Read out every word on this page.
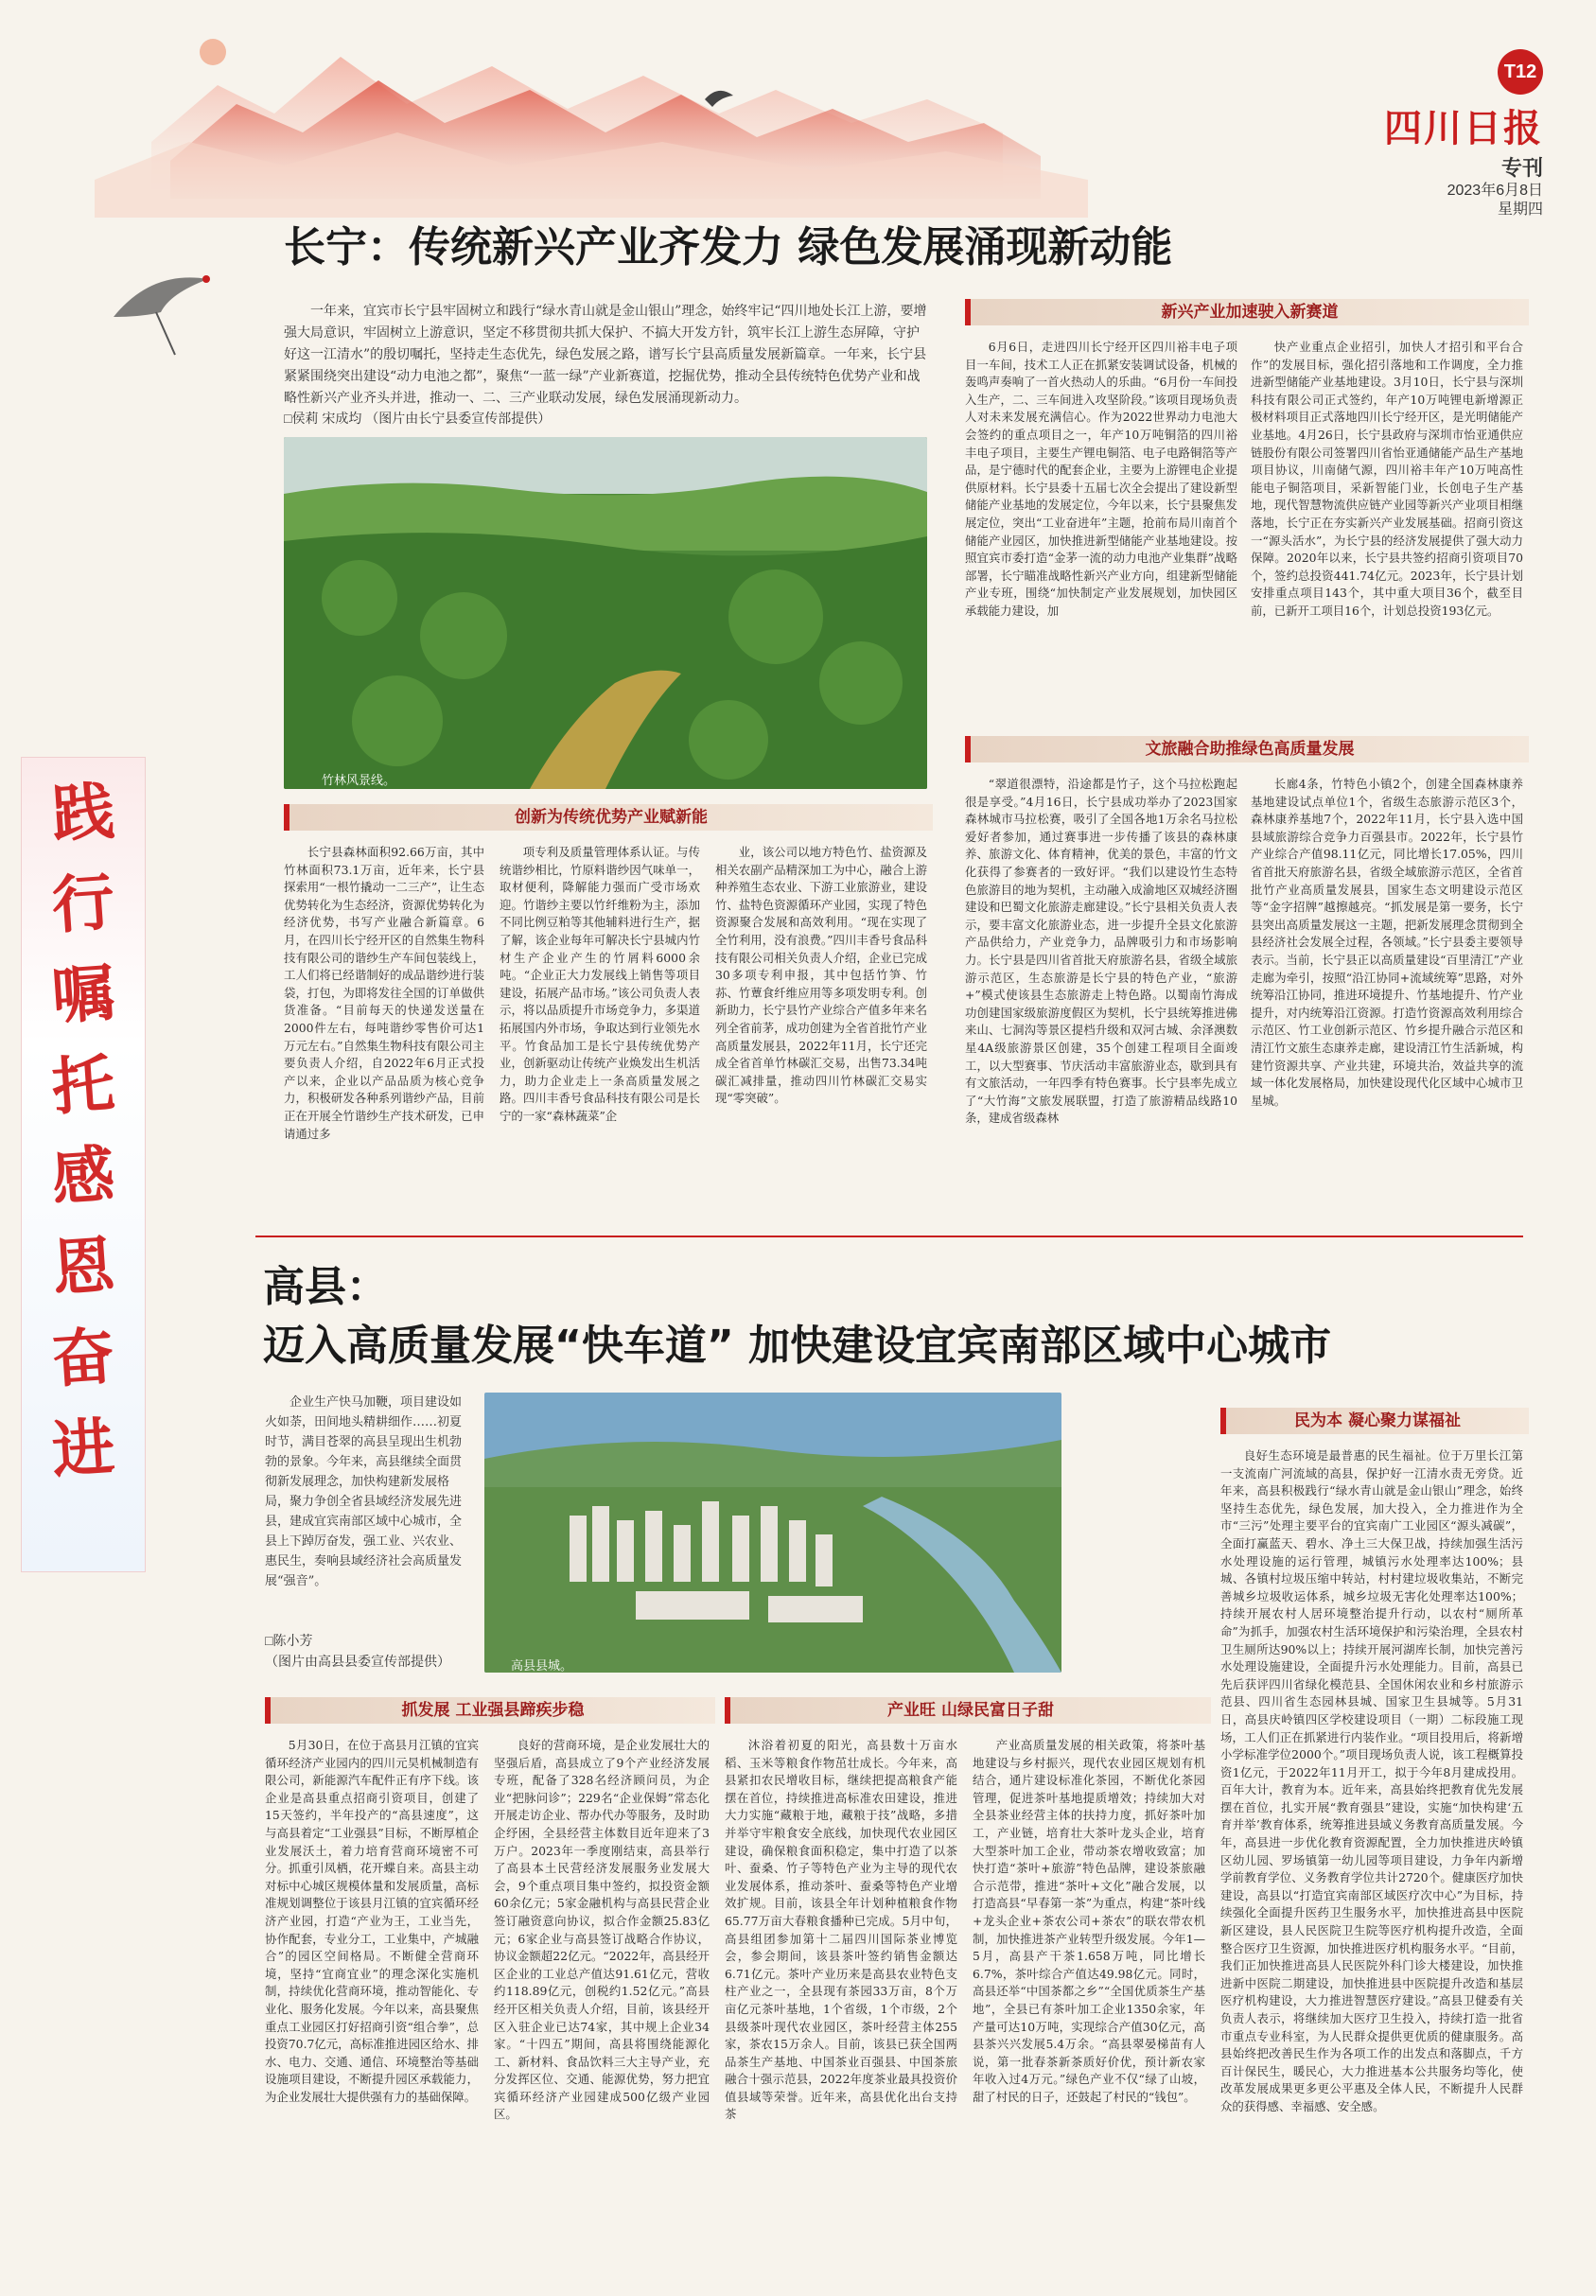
T12
四川日报
专刊
2023年6月8日
星期四
长宁：传统新兴产业齐发力 绿色发展涌现新动能
一年来，宜宾市长宁县牢固树立和践行“绿水青山就是金山银山”理念，始终牢记“四川地处长江上游，要增强大局意识，牢固树立上游意识，坚定不移贯彻共抓大保护、不搞大开发方针，筑牢长江上游生态屏障，守护好这一江清水”的殷切嘱托，坚持走生态优先，绿色发展之路，谱写长宁县高质量发展新篇章。一年来，长宁县紧紧围绕突出建设“动力电池之都”，聚焦“一蓝一绿”产业新赛道，挖掘优势，推动全县传统特色优势产业和战略性新兴产业齐头并进，推动一、二、三产业联动发展，绿色发展涌现新动力。
□侯莉 宋成均 （图片由长宁县委宣传部提供）
竹林风景线。
新兴产业加速驶入新赛道
6月6日，走进四川长宁经开区四川裕丰电子项目一车间，技术工人正在抓紧安装调试设备，机械的轰鸣声奏响了一首火热动人的乐曲。“6月份一车间投入生产，二、三车间进入攻坚阶段。”该项目现场负责人对未来发展充满信心。作为2022世界动力电池大会签约的重点项目之一，年产10万吨铜箔的四川裕丰电子项目，主要生产锂电铜箔、电子电路铜箔等产品，是宁德时代的配套企业，主要为上游锂电企业提供原材料。长宁县委十五届七次全会提出了建设新型储能产业基地的发展定位，今年以来，长宁县聚焦发展定位，突出“工业奋进年”主题，抢前布局川南首个储能产业园区，加快推进新型储能产业基地建设。按照宜宾市委打造“金茅一流的动力电池产业集群”战略部署，长宁瞄准战略性新兴产业方向，组建新型储能产业专班，围绕“加快制定产业发展规划，加快园区承载能力建设，加
快产业重点企业招引，加快人才招引和平台合作”的发展目标，强化招引落地和工作调度，全力推进新型储能产业基地建设。3月10日，长宁县与深圳科技有限公司正式签约，年产10万吨锂电新增源正极材料项目正式落地四川长宁经开区，是光明储能产业基地。4月26日，长宁县政府与深圳市怡亚通供应链股份有限公司签署四川省怡亚通储能产品生产基地项目协议，川南储气源，四川裕丰年产10万吨高性能电子铜箔项目，采新智能门业，长创电子生产基地，现代智慧物流供应链产业园等新兴产业项目相继落地，长宁正在夯实新兴产业发展基础。招商引资这一“源头活水”，为长宁县的经济发展提供了强大动力保障。2020年以来，长宁县共签约招商引资项目70个，签约总投资441.74亿元。2023年，长宁县计划安排重点项目143个，其中重大项目36个，截至目前，已新开工项目16个，计划总投资193亿元。
文旅融合助推绿色高质量发展
“翠道很漂特，沿途都是竹子，这个马拉松跑起很是享受。”4月16日，长宁县成功举办了2023国家森林城市马拉松赛，吸引了全国各地1万余名马拉松爱好者参加，通过赛事进一步传播了该县的森林康养、旅游文化、体育精神，优美的景色，丰富的竹文化获得了参赛者的一致好评。“我们以建设竹生态特色旅游目的地为契机，主动融入成渝地区双城经济圈建设和巴蜀文化旅游走廊建设。”长宁县相关负责人表示，要丰富文化旅游业态，进一步提升全县文化旅游产品供给力，产业竞争力，品牌吸引力和市场影响力。长宁县是四川省首批天府旅游名县，省级全域旅游示范区，生态旅游是长宁县的特色产业，“旅游+”模式使该县生态旅游走上特色路。以蜀南竹海成功创建国家级旅游度假区为契机，长宁县统筹推进佛来山、七洞沟等景区提档升级和双河古城、余泽澳数星4A级旅游景区创建，35个创建工程项目全面竣工，以大型赛事、节庆活动丰富旅游业态，歇到具有有文旅活动，一年四季有特色赛事。长宁县率先成立了“大竹海”文旅发展联盟，打造了旅游精品线路10条，建成省级森林
长廊4条，竹特色小镇2个，创建全国森林康养基地建设试点单位1个，省级生态旅游示范区3个，森林康养基地7个，2022年11月，长宁县入选中国县域旅游综合竞争力百强县市。2022年，长宁县竹产业综合产值98.11亿元，同比增长17.05%，四川省首批天府旅游名县，省级全域旅游示范区，全省首批竹产业高质量发展县，国家生态文明建设示范区等“金字招牌”越擦越亮。“抓发展是第一要务，长宁县突出高质量发展这一主题，把新发展理念贯彻到全县经济社会发展全过程，各领域。”长宁县委主要领导表示。当前，长宁县正以高质量建设“百里清江”产业走廊为牵引，按照“沿江协同+流域统筹”思路，对外统筹沿江协同，推进环境提升、竹基地提升、竹产业提升，对内统筹沿江资源。打造竹资源高效利用综合示范区、竹工业创新示范区、竹乡提升融合示范区和清江竹文旅生态康养走廊，建设清江竹生活新城，构建竹资源共享、产业共建，环境共治，效益共享的流域一体化发展格局，加快建设现代化区域中心城市卫星城。
创新为传统优势产业赋新能
长宁县森林面积92.66万亩，其中竹林面积73.1万亩，近年来，长宁县探索用“一根竹撬动一二三产”，让生态优势转化为生态经济，资源优势转化为经济优势，书写产业融合新篇章。6月，在四川长宁经开区的自然集生物科技有限公司的谐纱生产车间包装线上，工人们将已经谐制好的成品谐纱进行装袋，打包，为即将发往全国的订单做供货准备。“目前每天的快递发送量在2000件左右，每吨谐纱零售价可达1万元左右。”自然集生物科技有限公司主要负责人介绍，自2022年6月正式投产以来，企业以产品品质为核心竞争力，积极研发各种系列谐纱产品，目前正在开展全竹谐纱生产技术研发，已申请通过多
项专利及质量管理体系认证。与传统谐纱相比，竹原料谐纱因气味单一，取材便利，降解能力强而广受市场欢迎。竹谐纱主要以竹纤维粉为主，添加不同比例豆粕等其他辅料进行生产，据了解，该企业每年可解决长宁县城内竹材生产企业产生的竹屑料6000余吨。“企业正大力发展线上销售等项目建设，拓展产品市场。”该公司负责人表示，将以品质提升市场竞争力，多渠道拓展国内外市场，争取达到行业领先水平。竹食品加工是长宁县传统优势产业，创新驱动让传统产业焕发出生机活力，助力企业走上一条高质量发展之路。四川丰香号食品科技有限公司是长宁的一家“森林蔬菜”企
业，该公司以地方特色竹、盐资源及相关农副产品精深加工为中心，融合上游种养殖生态农业、下游工业旅游业，建设竹、盐特色资源循环产业园，实现了特色资源聚合发展和高效利用。“现在实现了全竹利用，没有浪费。”四川丰香号食品科技有限公司相关负责人介绍，企业已完成30多项专利申报，其中包括竹笋、竹荪、竹蕈食纤维应用等多项发明专利。创新助力，长宁县竹产业综合产值多年来名列全省前茅，成功创建为全省首批竹产业高质量发展县，2022年11月，长宁还完成全省首单竹林碳汇交易，出售73.34吨碳汇减排量，推动四川竹林碳汇交易实现“零突破”。
践
行
嘱
托
感
恩
奋
进
高县：
迈入高质量发展“快车道” 加快建设宜宾南部区域中心城市
企业生产快马加鞭，项目建设如火如荼，田间地头精耕细作……初夏时节，满目苍翠的高县呈现出生机勃勃的景象。今年来，高县继续全面贯彻新发展理念，加快构建新发展格局，聚力争创全省县域经济发展先进县，建成宜宾南部区域中心城市，全县上下踔厉奋发，强工业、兴农业、惠民生，奏响县域经济社会高质量发展“强音”。
□陈小芳
（图片由高县县委宣传部提供）	高县县城。
民为本 凝心聚力谋福祉
良好生态环境是最普惠的民生福祉。位于万里长江第一支流南广河流域的高县，保护好一江清水责无旁贷。近年来，高县积极践行“绿水青山就是金山银山”理念，始终坚持生态优先，绿色发展，加大投入，全力推进作为全市“三污”处理主要平台的宜宾南广工业园区“源头减碳”，全面打赢蓝天、碧水、净土三大保卫战，持续加强生活污水处理设施的运行管理，城镇污水处理率达100%；县城、各镇村垃圾压缩中转站，村村建垃圾收集站，不断完善城乡垃圾收运体系，城乡垃圾无害化处理率达100%；持续开展农村人居环境整治提升行动，以农村“厕所革命”为抓手，加强农村生活环境保护和污染治理，全县农村卫生厕所达90%以上；持续开展河湖库长制，加快完善污水处理设施建设，全面提升污水处理能力。目前，高县已先后获评四川省绿化模范县、全国休闲农业和乡村旅游示范县、四川省生态园林县城、国家卫生县城等。5月31日，高县庆岭镇四区学校建设项目（一期）二标段施工现场，工人们正在抓紧进行内装作业。“项目投用后，将新增小学标准学位2000个。”项目现场负责人说，该工程概算投资1亿元，于2022年11月开工，拟于今年8月建成投用。百年大计，教育为本。近年来，高县始终把教育优先发展摆在首位，扎实开展“教育强县”建设，实施“加快构建‘五育并举’教育体系，统筹推进县域义务教育高质量发展。今年，高县进一步优化教育资源配置，全力加快推进庆岭镇区幼儿园、罗场镇第一幼儿园等项目建设，力争年内新增学前教育学位、义务教育学位共计2720个。健康医疗加快建设，高县以“打造宜宾南部区域医疗次中心”为目标，持续强化全面提升医药卫生服务水平，加快推进高县中医院新区建设，县人民医院卫生院等医疗机构提升改造，全面整合医疗卫生资源，加快推进医疗机构服务水平。“目前，我们正加快推进高县人民医院外科门诊大楼建设，加快推进新中医院二期建设，加快推进县中医院提升改造和基层医疗机构建设，大力推进智慧医疗建设。”高县卫健委有关负责人表示，将继续加大医疗卫生投入，持续打造一批省市重点专业科室，为人民群众提供更优质的健康服务。高县始终把改善民生作为各项工作的出发点和落脚点，千方百计保民生，暖民心，大力推进基本公共服务均等化，使改革发展成果更多更公平惠及全体人民，不断提升人民群众的获得感、幸福感、安全感。
抓发展 工业强县蹄疾步稳
5月30日，在位于高县月江镇的宜宾循环经济产业园内的四川元昊机械制造有限公司，新能源汽车配件正有序下线。该企业是高县重点招商引资项目，创建了15天签约，半年投产的“高县速度”，这与高县着定“工业强县”目标，不断厚植企业发展沃土，着力培育营商环境密不可分。抓重引凤栖，花开蝶自来。高县主动对标中心城区规模体量和发展质量，高标准规划调整位于该县月江镇的宜宾循环经济产业园，打造“产业为王，工业当先，协作配套，专业分工，工业集中，产城融合”的园区空间格局。不断健全营商环境，坚持“宜商宜业”的理念深化实施机制，持续优化营商环境，推动智能化、专业化、服务化发展。今年以来，高县聚焦重点工业园区打好招商引资“组合拳”，总投资70.7亿元，高标准推进园区给水、排水、电力、交通、通信、环境整治等基础设施项目建设，不断提升园区承载能力，为企业发展壮大提供强有力的基础保障。
良好的营商环境，是企业发展壮大的坚强后盾，高县成立了9个产业经济发展专班，配备了328名经济顾问员，为企业“把脉问诊”；229名“企业保姆”常态化开展走访企业、帮办代办等服务，及时助企纾困，全县经营主体数目近年迎来了3万户。2023年一季度刚结束，高县举行了高县本土民营经济发展服务业发展大会，9个重点项目集中签约，拟投资金额60余亿元；5家金融机构与高县民营企业签订融资意向协议，拟合作金额25.83亿元；6家企业与高县签订战略合作协议，协议金额超22亿元。“2022年，高县经开区企业的工业总产值达91.61亿元，营收约118.89亿元，创税约1.52亿元。”高县经开区相关负责人介绍，目前，该县经开区入驻企业已达74家，其中规上企业34家。“十四五”期间，高县将围绕能源化工、新材料、食品饮料三大主导产业，充分发挥区位、交通、能源优势，努力把宜宾循环经济产业园建成500亿级产业园区。
产业旺 山绿民富日子甜
沐浴着初夏的阳光，高县数十万亩水稻、玉米等粮食作物茁壮成长。今年来，高县紧扣农民增收目标，继续把提高粮食产能摆在首位，持续推进高标准农田建设，推进大力实施“藏粮于地，藏粮于技”战略，多措并举守牢粮食安全底线，加快现代农业园区建设，确保粮食面积稳定，集中打造了以茶叶、蚕桑、竹子等特色产业为主导的现代农业发展体系，推动茶叶、蚕桑等特色产业增效扩规。目前，该县全年计划种植粮食作物65.77万亩大春粮食播种已完成。5月中旬，高县组团参加第十二届四川国际茶业博览会，参会期间，该县茶叶签约销售金额达6.71亿元。茶叶产业历来是高县农业特色支柱产业之一，全县现有茶园33万亩，8个万亩亿元茶叶基地，1个省级，1个市级，2个县级茶叶现代农业园区，茶叶经营主体255家，茶农15万余人。目前，该县已获全国两品茶生产基地、中国茶业百强县、中国茶旅融合十强示范县，2022年度茶业最具投资价值县域等荣誉。近年来，高县优化出台支持茶
产业高质量发展的相关政策，将茶叶基地建设与乡村振兴，现代农业园区规划有机结合，通片建设标准化茶园，不断优化茶园管理，促进茶叶基地提质增效；持续加大对全县茶业经营主体的扶持力度，抓好茶叶加工，产业链，培育壮大茶叶龙头企业，培育大型茶叶加工企业，带动茶农增收致富；加快打造“茶叶+旅游”特色品牌，建设茶旅融合示范带，推进“茶叶+文化”融合发展，以打造高县“早春第一茶”为重点，构建“茶叶线+龙头企业+茶农公司+茶农”的联农带农机制，加快推进茶产业转型升级发展。今年1—5月，高县产干茶1.658万吨，同比增长6.7%，茶叶综合产值达49.98亿元。同时，高县还举“中国茶都之乡”“全国优质茶生产基地”，全县已有茶叶加工企业1350余家，年产量可达10万吨，实现综合产值30亿元，高县茶兴兴发展5.4万余。“高县翠晏梯苗有人说，第一批春茶新茶质好价优，预计新农家年收入过4万元。”绿色产业不仅“绿了山坡，甜了村民的日子，还鼓起了村民的“钱包”。
